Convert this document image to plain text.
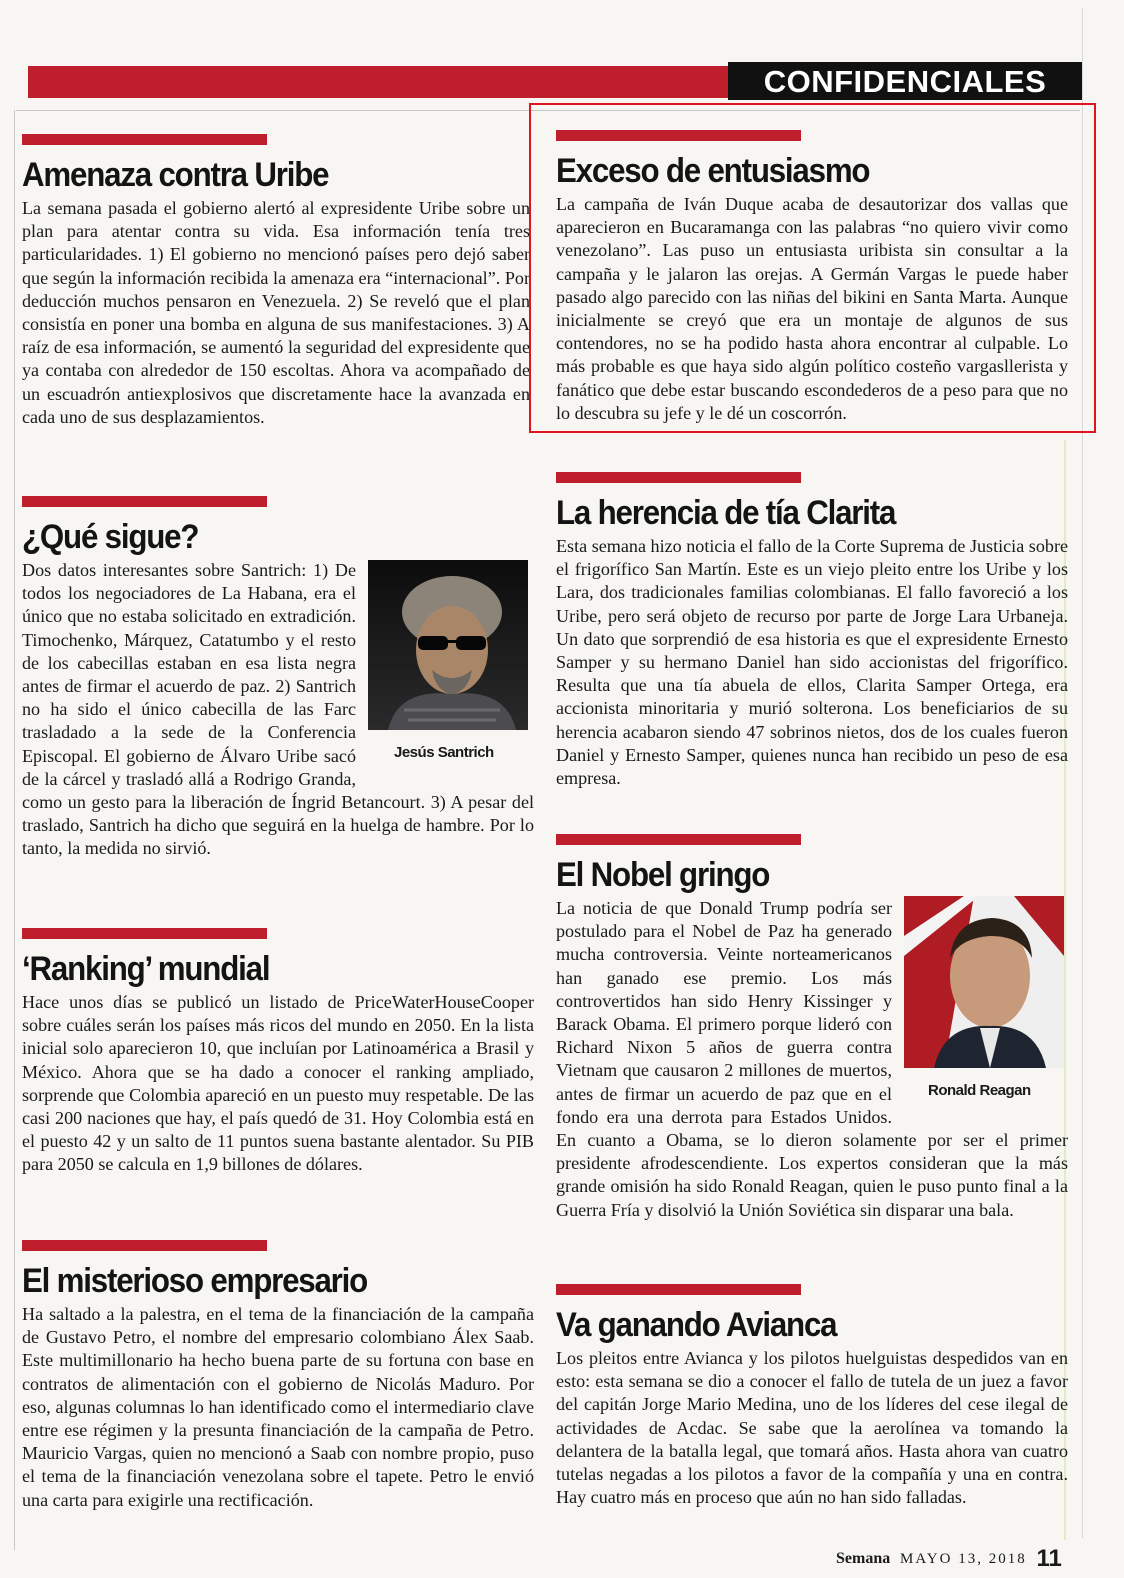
CONFIDENCIALES
Amenaza contra Uribe

La semana pasada el gobierno alertó al expresidente Uribe sobre un plan para atentar contra su vida. Esa información tenía tres particularidades. 1) El gobierno no mencionó países pero dejó saber que según la información recibida la amenaza era “internacional”. Por deducción muchos pensaron en Venezuela. 2) Se reveló que el plan consistía en poner una bomba en alguna de sus manifestaciones. 3) A raíz de esa información, se aumentó la seguridad del expresidente que ya contaba con alrededor de 150 escoltas. Ahora va acompañado de un escuadrón antiexplosivos que discretamente hace la avanzada en cada uno de sus desplazamientos.

¿Qué sigue?

Dos datos interesantes sobre Santrich: 1) De todos los negociadores de La Habana, era el único que no estaba solicitado en extradición. Timochenko, Márquez, Catatumbo y el resto de los cabecillas estaban en esa lista negra antes de firmar el acuerdo de paz. 2) Santrich no ha sido el único cabecilla de las Farc trasladado a la sede de la Conferencia Episcopal. El gobierno de Álvaro Uribe sacó de la cárcel y trasladó allá a Rodrigo Granda, como un gesto para la liberación de Íngrid Betancourt. 3) A pesar del traslado, Santrich ha dicho que seguirá en la huelga de hambre. Por lo tanto, la medida no sirvió.

Jesús Santrich
‘Ranking’ mundial

Hace unos días se publicó un listado de PriceWaterHouseCooper sobre cuáles serán los países más ricos del mundo en 2050. En la lista inicial solo aparecieron 10, que incluían por Latinoamérica a Brasil y México. Ahora que se ha dado a conocer el ranking ampliado, sorprende que Colombia apareció en un puesto muy respetable. De las casi 200 naciones que hay, el país quedó de 31. Hoy Colombia está en el puesto 42 y un salto de 11 puntos suena bastante alentador. Su PIB para 2050 se calcula en 1,9 billones de dólares.

El misterioso empresario

Ha saltado a la palestra, en el tema de la financiación de la campaña de Gustavo Petro, el nombre del empresario colombiano Álex Saab. Este multimillonario ha hecho buena parte de su fortuna con base en contratos de alimentación con el gobierno de Nicolás Maduro. Por eso, algunas columnas lo han identificado como el intermediario clave entre ese régimen y la presunta financiación de la campaña de Petro. Mauricio Vargas, quien no mencionó a Saab con nombre propio, puso el tema de la financiación venezolana sobre el tapete. Petro le envió una carta para exigirle una rectificación.

Exceso de entusiasmo

La campaña de Iván Duque acaba de desautorizar dos vallas que aparecieron en Bucaramanga con las palabras “no quiero vivir como venezolano”. Las puso un entusiasta uribista sin consultar a la campaña y le jalaron las orejas. A Germán Vargas le puede haber pasado algo parecido con las niñas del bikini en Santa Marta. Aunque inicialmente se creyó que era un montaje de algunos de sus contendores, no se ha podido hasta ahora encontrar al culpable. Lo más probable es que haya sido algún político costeño vargasllerista y fanático que debe estar buscando escondederos de a peso para que no lo descubra su jefe y le dé un coscorrón.

La herencia de tía Clarita

Esta semana hizo noticia el fallo de la Corte Suprema de Justicia sobre el frigorífico San Martín. Este es un viejo pleito entre los Uribe y los Lara, dos tradicionales familias colombianas. El fallo favoreció a los Uribe, pero será objeto de recurso por parte de Jorge Lara Urbaneja. Un dato que sorprendió de esa historia es que el expresidente Ernesto Samper y su hermano Daniel han sido accionistas del frigorífico. Resulta que una tía abuela de ellos, Clarita Samper Ortega, era accionista minoritaria y murió solterona. Los beneficiarios de su herencia acabaron siendo 47 sobrinos nietos, dos de los cuales fueron Daniel y Ernesto Samper, quienes nunca han recibido un peso de esa empresa.

El Nobel gringo

La noticia de que Donald Trump podría ser postulado para el Nobel de Paz ha generado mucha controversia. Veinte norteamericanos han ganado ese premio. Los más controvertidos han sido Henry Kissinger y Barack Obama. El primero porque lideró con Richard Nixon 5 años de guerra contra Vietnam que causaron 2 millones de muertos, antes de firmar un acuerdo de paz que en el fondo era una derrota para Estados Unidos. En cuanto a Obama, se lo dieron solamente por ser el primer presidente afrodescendiente. Los expertos consideran que la más grande omisión ha sido Ronald Reagan, quien le puso punto final a la Guerra Fría y disolvió la Unión Soviética sin disparar una bala.

Ronald Reagan
Va ganando Avianca

Los pleitos entre Avianca y los pilotos huelguistas despedidos van en esto: esta semana se dio a conocer el fallo de tutela de un juez a favor del capitán Jorge Mario Medina, uno de los líderes del cese ilegal de actividades de Acdac. Se sabe que la aerolínea va tomando la delantera de la batalla legal, que tomará años. Hasta ahora van cuatro tutelas negadas a los pilotos a favor de la compañía y una en contra. Hay cuatro más en proceso que aún no han sido falladas.

Semana MAYO 13, 2018 11
